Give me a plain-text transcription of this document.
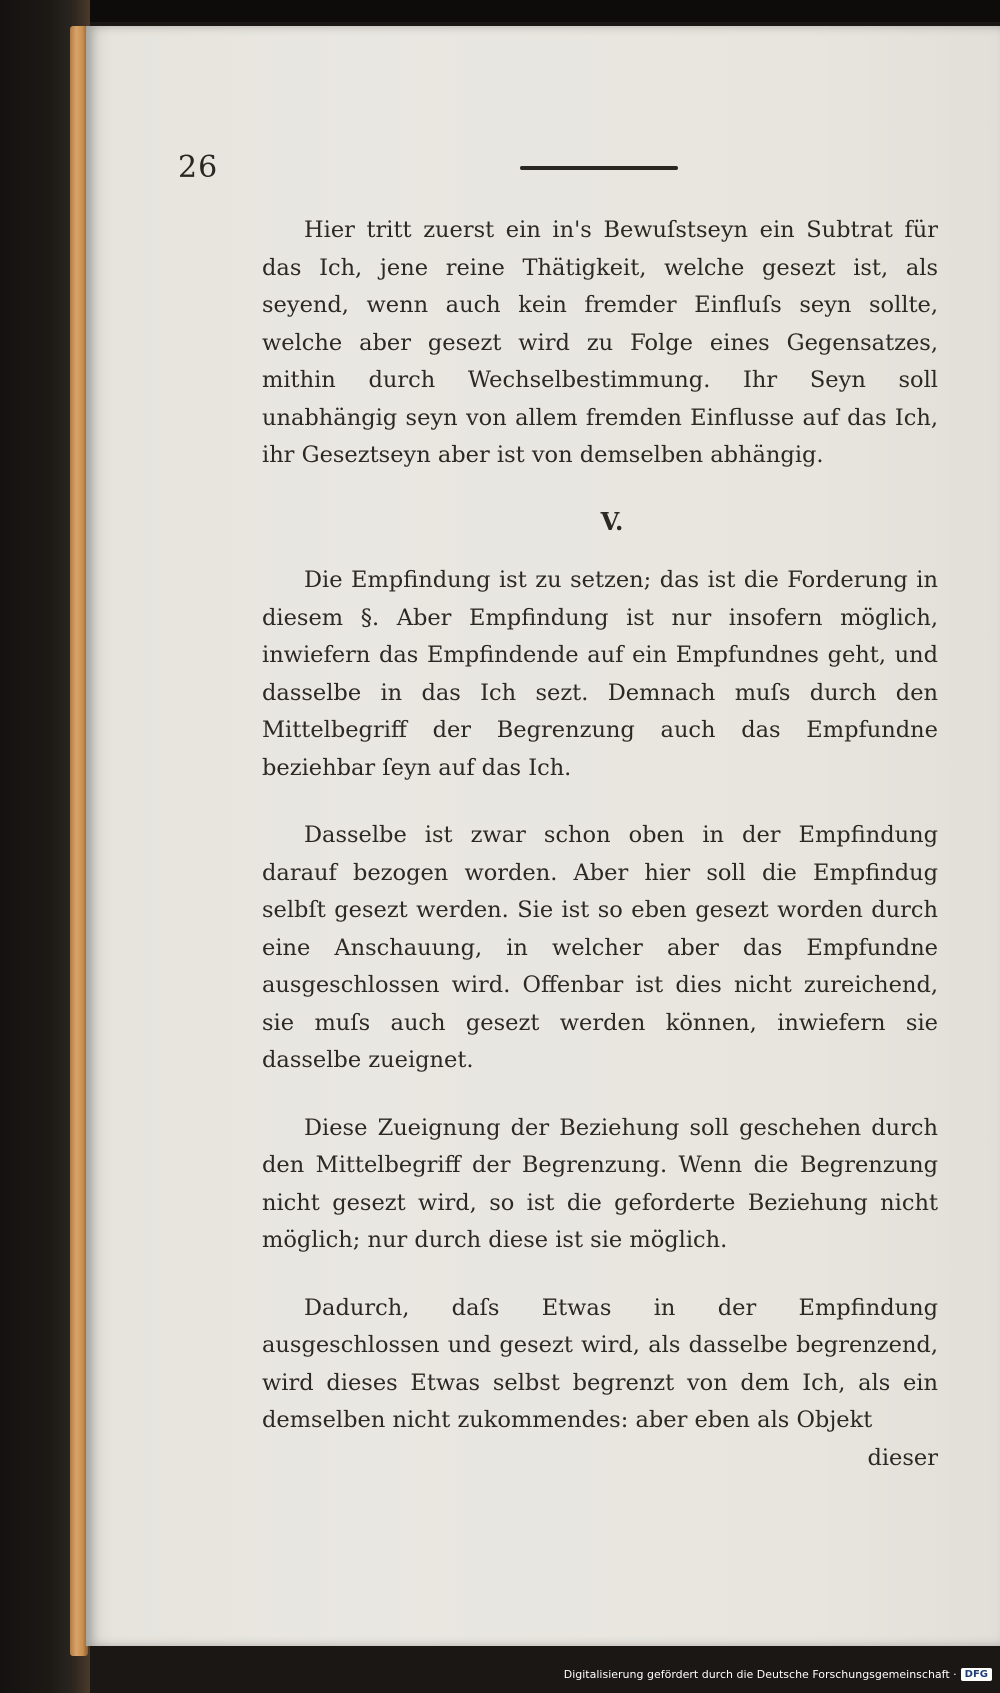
26

Hier tritt zuerst ein in's Bewuſstseyn ein Subtrat für das Ich, jene reine Thätigkeit, welche gesezt ist, als seyend, wenn auch kein fremder Einfluſs seyn sollte, welche aber gesezt wird zu Folge eines Gegensatzes, mithin durch Wechselbestimmung. Ihr Seyn soll unabhängig seyn von allem fremden Einflusse auf das Ich, ihr Geseztseyn aber ist von demselben abhängig.

V.

Die Empfindung ist zu setzen; das ist die Forderung in diesem §. Aber Empfindung ist nur insofern möglich, inwiefern das Empfindende auf ein Empfundnes geht, und dasselbe in das Ich sezt. Demnach muſs durch den Mittelbegriff der Begrenzung auch das Empfundne beziehbar ſeyn auf das Ich.

Dasselbe ist zwar schon oben in der Empfindung darauf bezogen worden. Aber hier soll die Empfindug selbſt gesezt werden. Sie ist so eben gesezt worden durch eine Anschauung, in welcher aber das Empfundne ausgeschlossen wird. Offenbar ist dies nicht zureichend, sie muſs auch gesezt werden können, inwiefern sie dasselbe zueignet.

Diese Zueignung der Beziehung soll geschehen durch den Mittelbegriff der Begrenzung. Wenn die Begrenzung nicht gesezt wird, so ist die geforderte Beziehung nicht möglich; nur durch diese ist sie möglich.

Dadurch, daſs Etwas in der Empfindung ausgeschlossen und gesezt wird, als dasselbe begrenzend, wird dieses Etwas selbst begrenzt von dem Ich, als ein demselben nicht zukommendes: aber eben als Objekt

dieser

Digitalisierung gefördert durch die Deutsche Forschungsgemeinschaft · DFG
